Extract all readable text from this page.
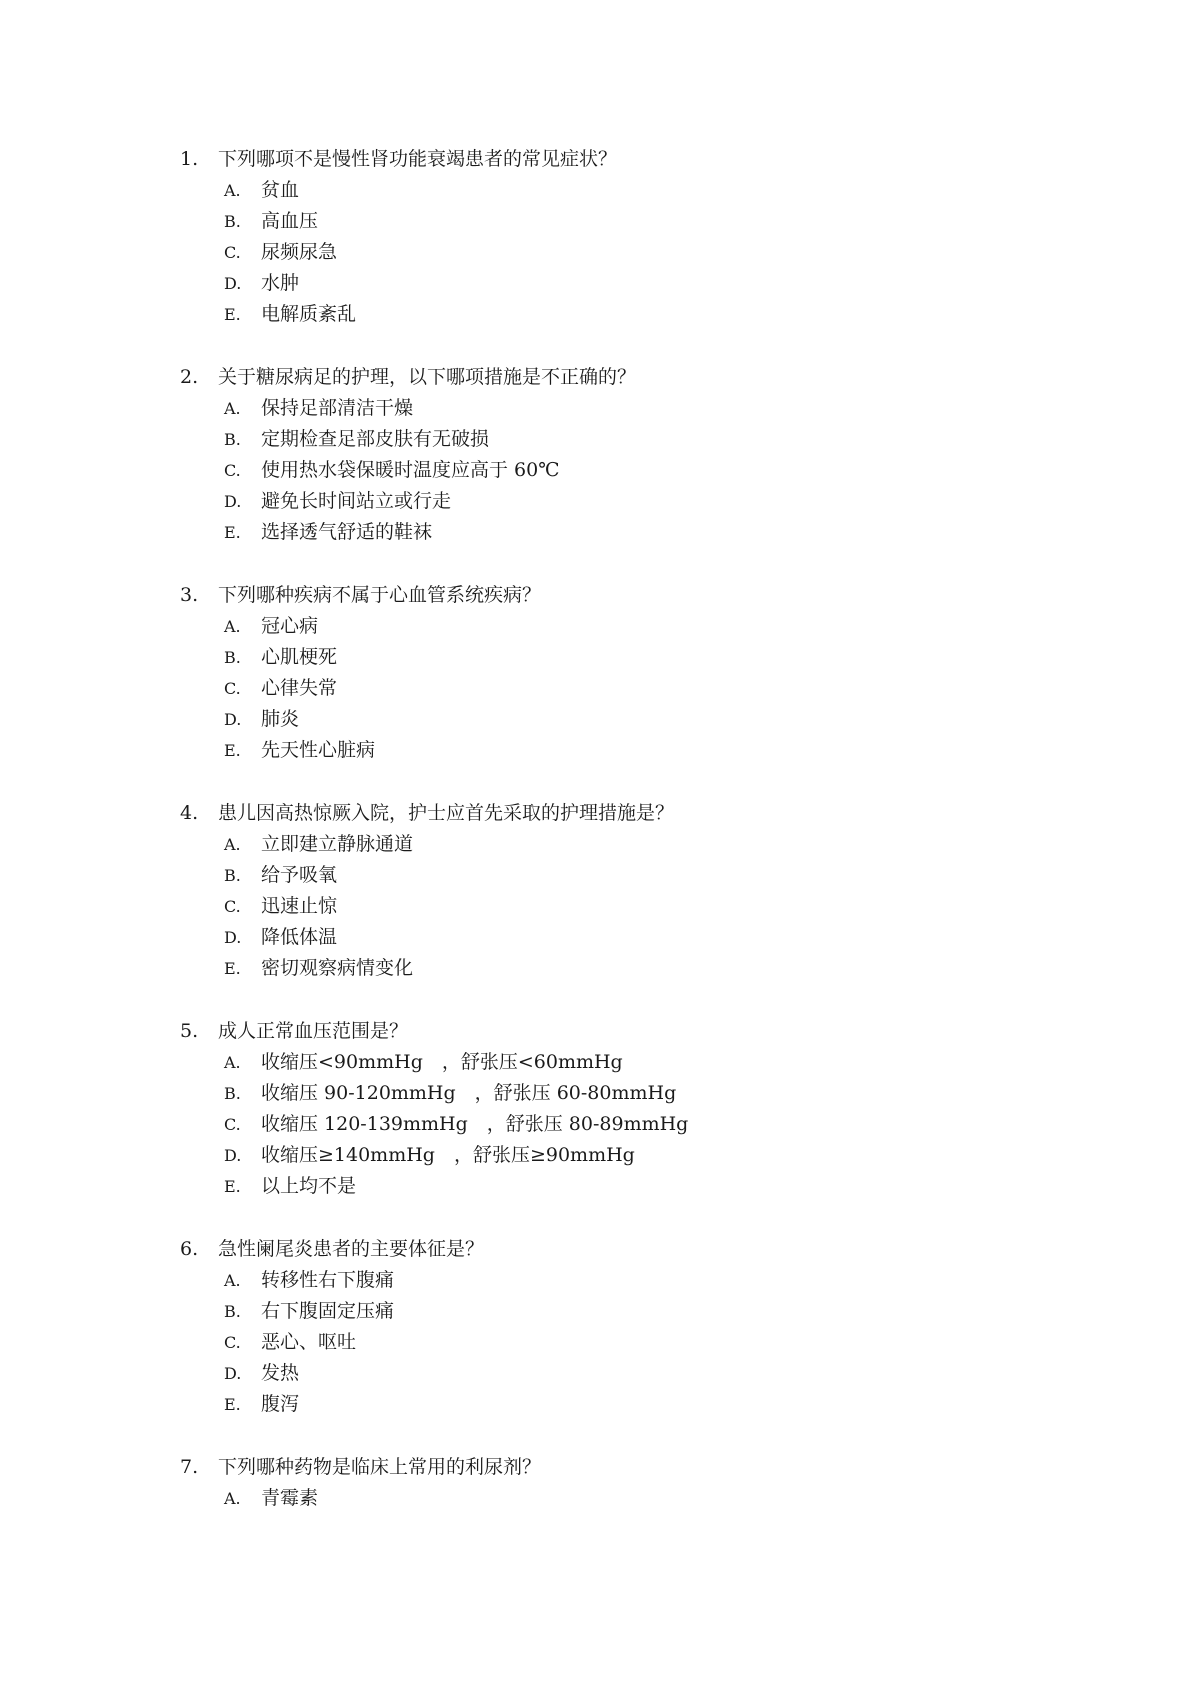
1. 下列哪项不是慢性肾功能衰竭患者的常见症状？
A. 贫血
B. 高血压
C. 尿频尿急
D. 水肿
E. 电解质紊乱
2. 关于糖尿病足的护理，以下哪项措施是不正确的？
A. 保持足部清洁干燥
B. 定期检查足部皮肤有无破损
C. 使用热水袋保暖时温度应高于 60℃
D. 避免长时间站立或行走
E. 选择透气舒适的鞋袜
3. 下列哪种疾病不属于心血管系统疾病？
A. 冠心病
B. 心肌梗死
C. 心律失常
D. 肺炎
E. 先天性心脏病
4. 患儿因高热惊厥入院，护士应首先采取的护理措施是？
A. 立即建立静脉通道
B. 给予吸氧
C. 迅速止惊
D. 降低体温
E. 密切观察病情变化
5. 成人正常血压范围是？
A. 收缩压<90mmHg　，舒张压<60mmHg
B. 收缩压 90-120mmHg　，舒张压 60-80mmHg
C. 收缩压 120-139mmHg　，舒张压 80-89mmHg
D. 收缩压≥140mmHg　，舒张压≥90mmHg
E. 以上均不是
6. 急性阑尾炎患者的主要体征是？
A. 转移性右下腹痛
B. 右下腹固定压痛
C. 恶心、呕吐
D. 发热
E. 腹泻
7. 下列哪种药物是临床上常用的利尿剂？
A. 青霉素
